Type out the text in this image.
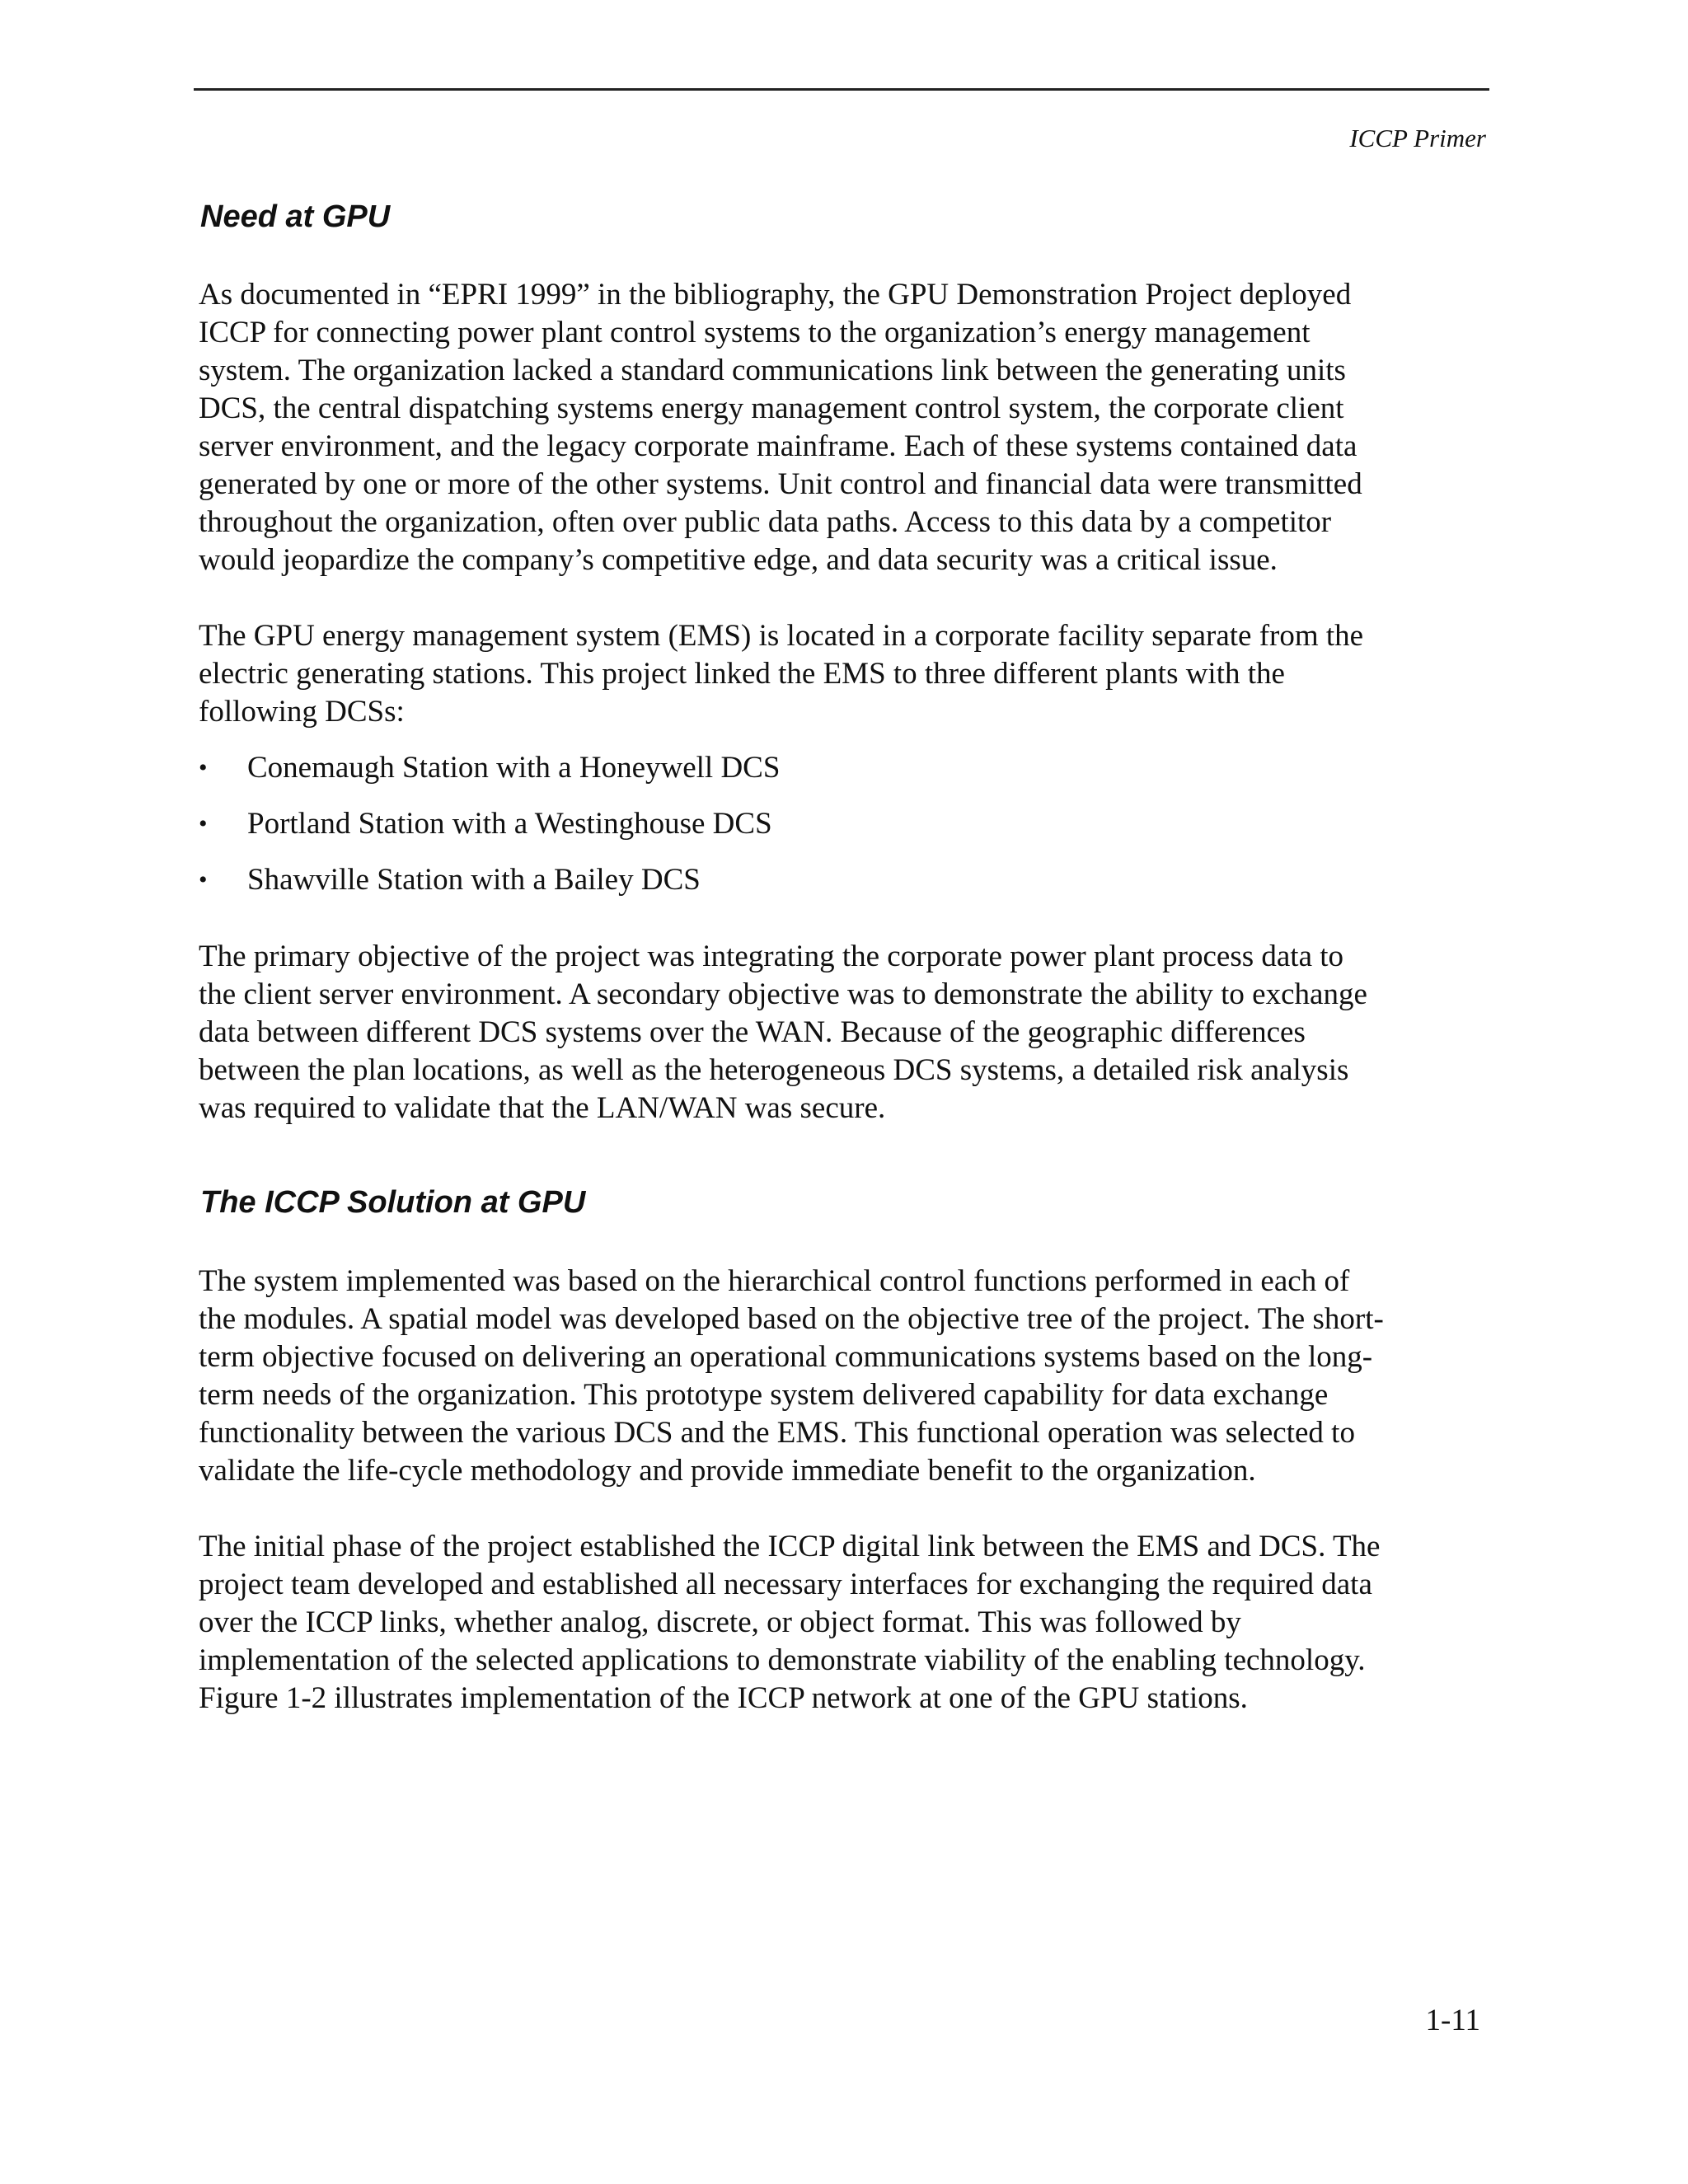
ICCP Primer
Need at GPU

As documented in “EPRI 1999” in the bibliography, the GPU Demonstration Project deployed
ICCP for connecting power plant control systems to the organization’s energy management
system. The organization lacked a standard communications link between the generating units
DCS, the central dispatching systems energy management control system, the corporate client
server environment, and the legacy corporate mainframe. Each of these systems contained data
generated by one or more of the other systems. Unit control and financial data were transmitted
throughout the organization, often over public data paths. Access to this data by a competitor
would jeopardize the company’s competitive edge, and data security was a critical issue.

The GPU energy management system (EMS) is located in a corporate facility separate from the
electric generating stations. This project linked the EMS to three different plants with the
following DCSs:

•	Conemaugh Station with a Honeywell DCS
•	Portland Station with a Westinghouse DCS
•	Shawville Station with a Bailey DCS

The primary objective of the project was integrating the corporate power plant process data to
the client server environment. A secondary objective was to demonstrate the ability to exchange
data between different DCS systems over the WAN. Because of the geographic differences
between the plan locations, as well as the heterogeneous DCS systems, a detailed risk analysis
was required to validate that the LAN/WAN was secure.

The ICCP Solution at GPU

The system implemented was based on the hierarchical control functions performed in each of
the modules. A spatial model was developed based on the objective tree of the project. The short-
term objective focused on delivering an operational communications systems based on the long-
term needs of the organization. This prototype system delivered capability for data exchange
functionality between the various DCS and the EMS. This functional operation was selected to
validate the life-cycle methodology and provide immediate benefit to the organization.

The initial phase of the project established the ICCP digital link between the EMS and DCS. The
project team developed and established all necessary interfaces for exchanging the required data
over the ICCP links, whether analog, discrete, or object format. This was followed by
implementation of the selected applications to demonstrate viability of the enabling technology.
Figure 1-2 illustrates implementation of the ICCP network at one of the GPU stations.

1-11
